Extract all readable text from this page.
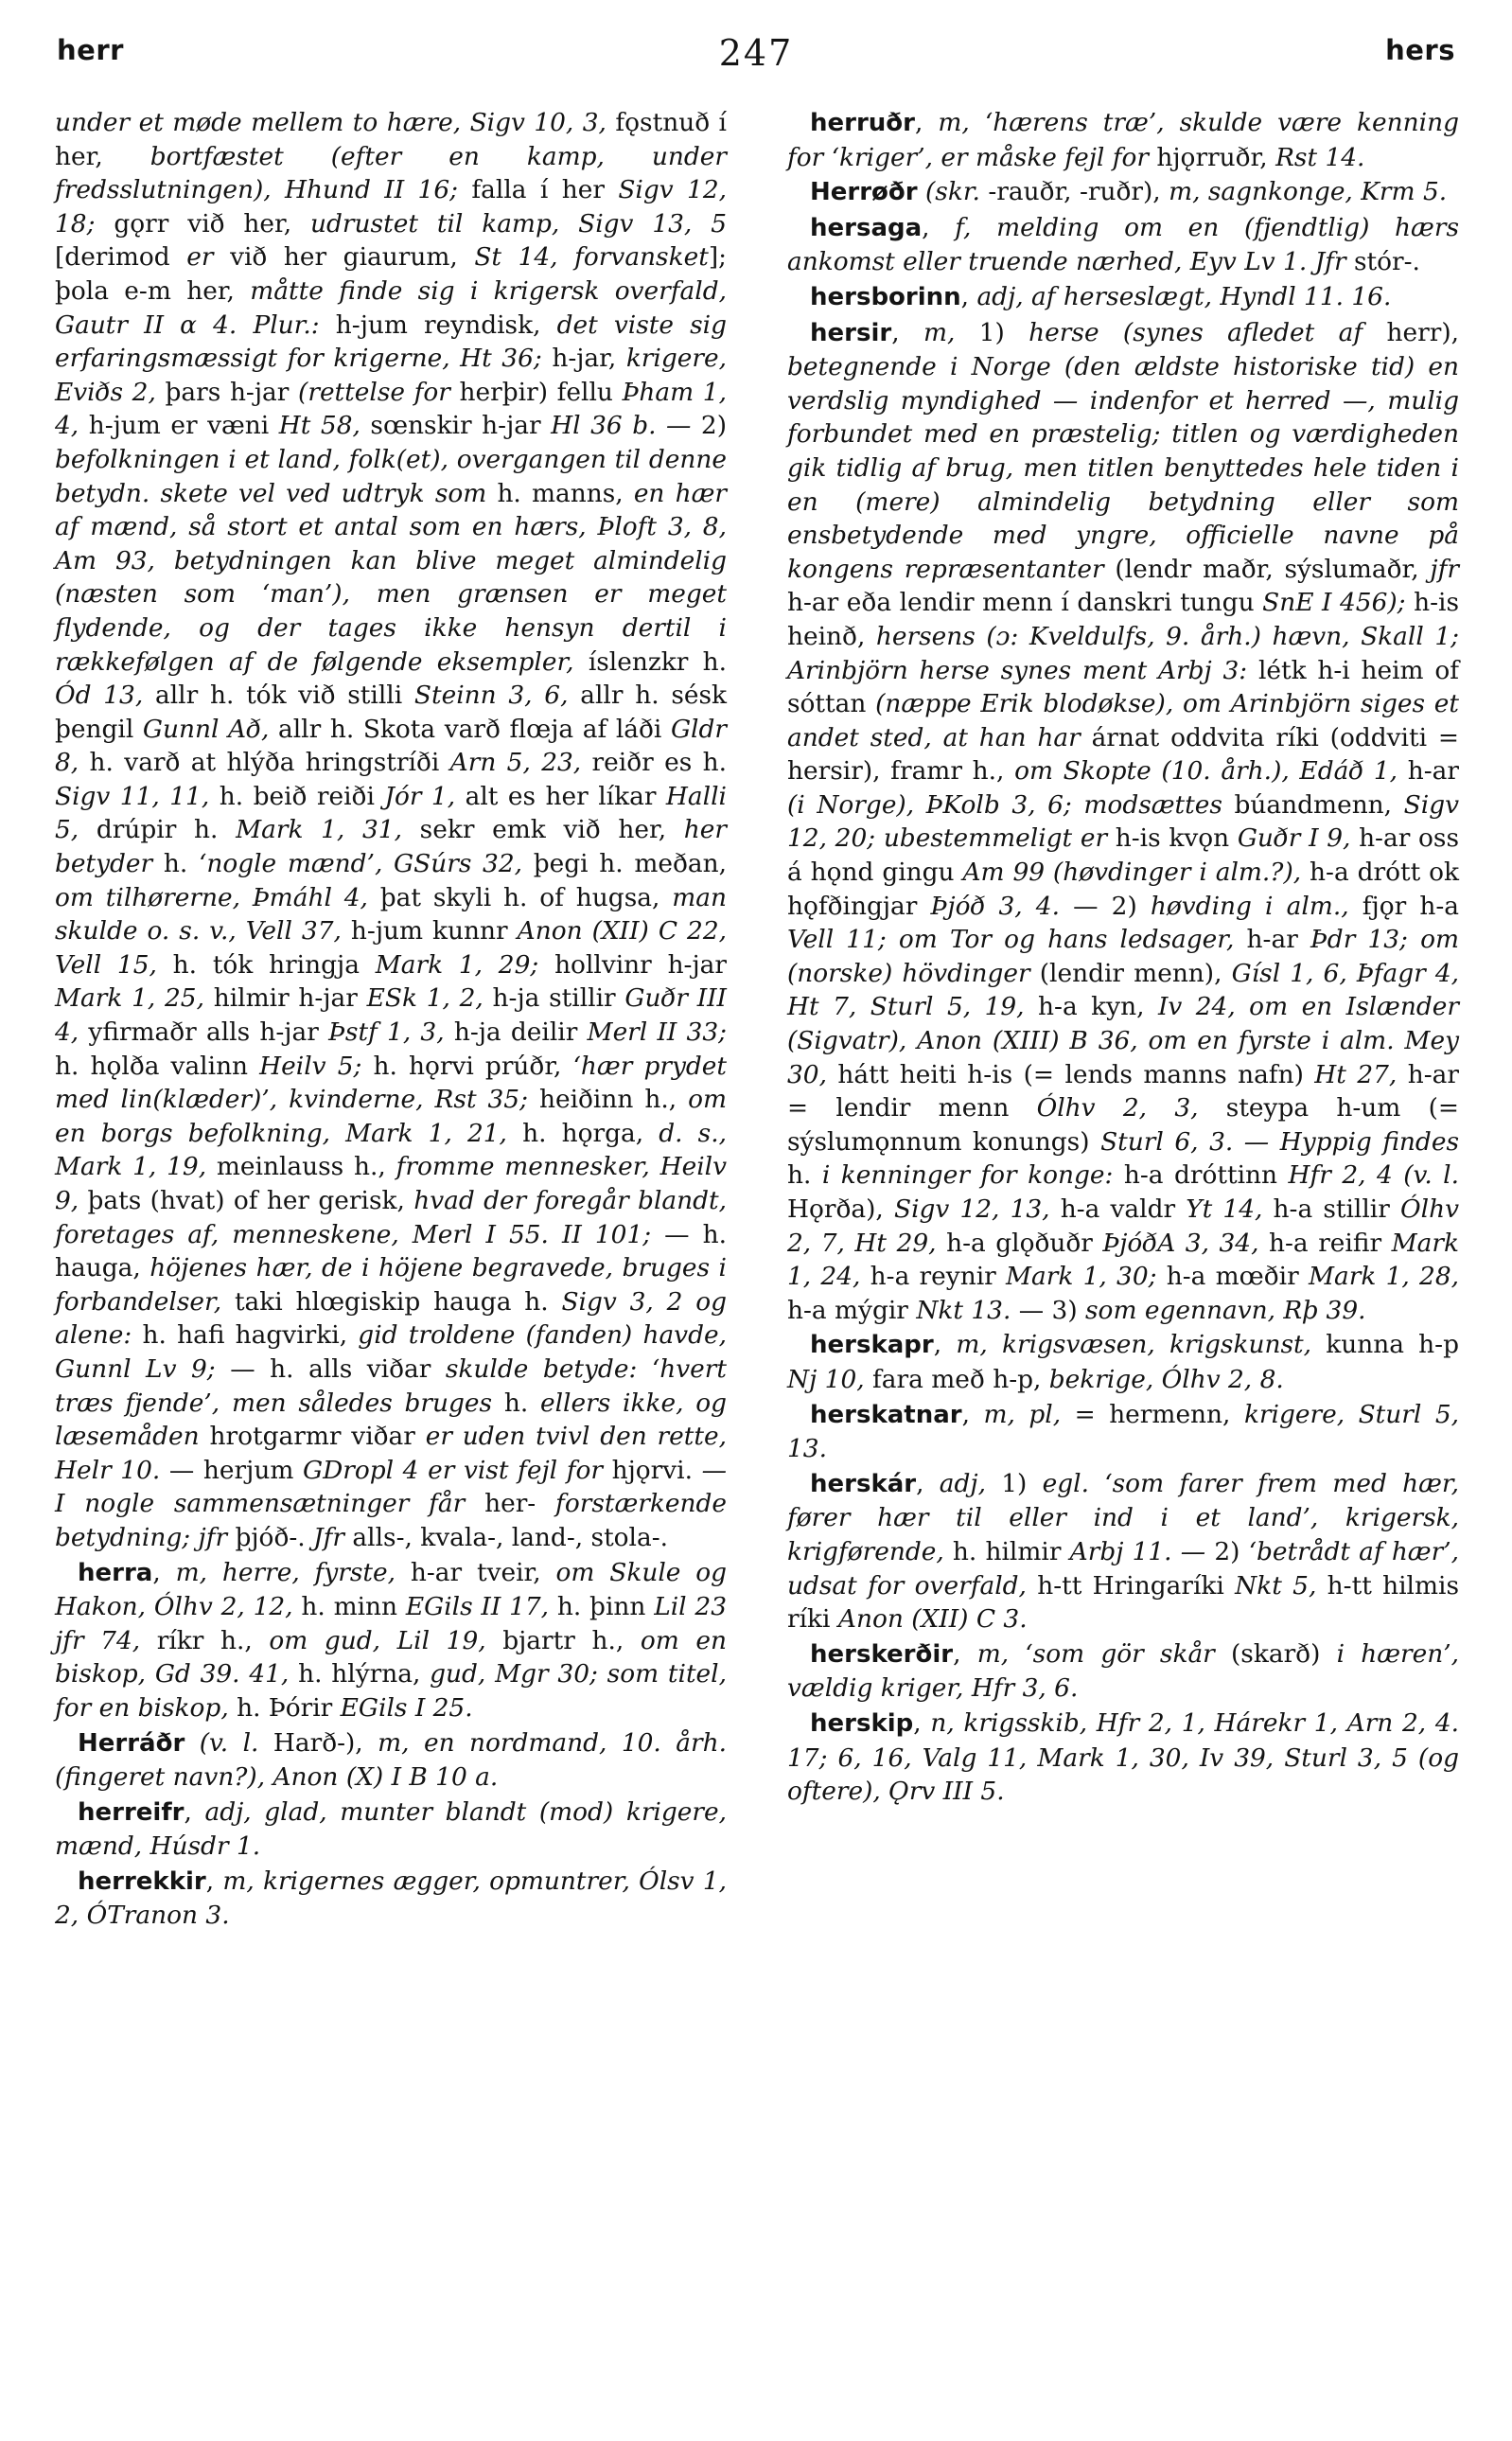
herr	247	hers

under et møde mellem to hære, Sigv 10, 3, fǫstnuð í her, bortfæstet (efter en kamp, under fredsslutningen), Hhund II 16; falla í her Sigv 12, 18; gǫrr við her, udrustet til kamp, Sigv 13, 5 [derimod er við her giaurum, St 14, forvansket]; þola e-m her, måtte finde sig i krigersk overfald, Gautr II α 4. Plur.: h-jum reyndisk, det viste sig erfaringsmæssigt for krigerne, Ht 36; h-jar, krigere, Eviðs 2, þars h-jar (rettelse for herþir) fellu Þham 1, 4, h-jum er væni Ht 58, sœnskir h-jar Hl 36 b. — 2) befolkningen i et land, folk(et), overgangen til denne betydn. skete vel ved udtryk som h. manns, en hær af mænd, så stort et antal som en hærs, Þloft 3, 8, Am 93, betydningen kan blive meget almindelig (næsten som ‘man’), men grænsen er meget flydende, og der tages ikke hensyn dertil i rækkefølgen af de følgende eksempler, íslenzkr h. Ód 13, allr h. tók við stilli Steinn 3, 6, allr h. sésk þengil Gunnl Að, allr h. Skota varð flœja af láði Gldr 8, h. varð at hlýða hringstríði Arn 5, 23, reiðr es h. Sigv 11, 11, h. beið reiði Jór 1, alt es her líkar Halli 5, drúpir h. Mark 1, 31, sekr emk við her, her betyder h. ‘nogle mænd’, GSúrs 32, þegi h. meðan, om tilhørerne, Þmáhl 4, þat skyli h. of hugsa, man skulde o. s. v., Vell 37, h-jum kunnr Anon (XII) C 22, Vell 15, h. tók hringja Mark 1, 29; hollvinr h-jar Mark 1, 25, hilmir h-jar ESk 1, 2, h-ja stillir Guðr III 4, yfirmaðr alls h-jar Þstf 1, 3, h-ja deilir Merl II 33; h. hǫlða valinn Heilv 5; h. hǫrvi prúðr, ‘hær prydet med lin(klæder)’, kvinderne, Rst 35; heiðinn h., om en borgs befolkning, Mark 1, 21, h. hǫrga, d. s., Mark 1, 19, meinlauss h., fromme mennesker, Heilv 9, þats (hvat) of her gerisk, hvad der foregår blandt, foretages af, menneskene, Merl I 55. II 101; — h. hauga, höjenes hær, de i höjene begravede, bruges i forbandelser, taki hlœgiskip hauga h. Sigv 3, 2 og alene: h. hafi hagvirki, gid troldene (fanden) havde, Gunnl Lv 9; — h. alls viðar skulde betyde: ‘hvert træs fjende’, men således bruges h. ellers ikke, og læsemåden hrotgarmr viðar er uden tvivl den rette, Helr 10. — herjum GDropl 4 er vist fejl for hjǫrvi. — I nogle sammensætninger får her- forstærkende betydning; jfr þjóð-. Jfr alls-, kvala-, land-, stola-.

herra, m, herre, fyrste, h-ar tveir, om Skule og Hakon, Ólhv 2, 12, h. minn EGils II 17, h. þinn Lil 23 jfr 74, ríkr h., om gud, Lil 19, bjartr h., om en biskop, Gd 39. 41, h. hlýrna, gud, Mgr 30; som titel, for en biskop, h. Þórir EGils I 25.

Herráðr (v. l. Harð-), m, en nordmand, 10. årh. (fingeret navn?), Anon (X) I B 10 a.

herreifr, adj, glad, munter blandt (mod) krigere, mænd, Húsdr 1.

herrekkir, m, krigernes ægger, opmuntrer, Ólsv 1, 2, ÓTranon 3.

herruðr, m, ‘hærens træ’, skulde være kenning for ‘kriger’, er måske fejl for hjǫrruðr, Rst 14.

Herrøðr (skr. -rauðr, -ruðr), m, sagnkonge, Krm 5.

hersaga, f, melding om en (fjendtlig) hærs ankomst eller truende nærhed, Eyv Lv 1. Jfr stór-.

hersborinn, adj, af herseslægt, Hyndl 11. 16.

hersir, m, 1) herse (synes afledet af herr), betegnende i Norge (den ældste historiske tid) en verdslig myndighed — indenfor et herred —, mulig forbundet med en præstelig; titlen og værdigheden gik tidlig af brug, men titlen benyttedes hele tiden i en (mere) almindelig betydning eller som ensbetydende med yngre, officielle navne på kongens repræsentanter (lendr maðr, sýslumaðr, jfr h-ar eða lendir menn í danskri tungu SnE I 456); h-is heinð, hersens (ɔ: Kveldulfs, 9. årh.) hævn, Skall 1; Arinbjörn herse synes ment Arbj 3: létk h-i heim of sóttan (næppe Erik blodøkse), om Arinbjörn siges et andet sted, at han har árnat oddvita ríki (oddviti = hersir), framr h., om Skopte (10. årh.), Edáð 1, h-ar (i Norge), ÞKolb 3, 6; modsættes búandmenn, Sigv 12, 20; ubestemmeligt er h-is kvǫn Guðr I 9, h-ar oss á hǫnd gingu Am 99 (høvdinger i alm.?), h-a drótt ok hǫfðingjar Þjóð 3, 4. — 2) høvding i alm., fjǫr h-a Vell 11; om Tor og hans ledsager, h-ar Þdr 13; om (norske) hövdinger (lendir menn), Gísl 1, 6, Þfagr 4, Ht 7, Sturl 5, 19, h-a kyn, Iv 24, om en Islænder (Sigvatr), Anon (XIII) B 36, om en fyrste i alm. Mey 30, hátt heiti h-is (= lends manns nafn) Ht 27, h-ar = lendir menn Ólhv 2, 3, steypa h-um (= sýslumǫnnum konungs) Sturl 6, 3. — Hyppig findes h. i kenninger for konge: h-a dróttinn Hfr 2, 4 (v. l. Hǫrða), Sigv 12, 13, h-a valdr Yt 14, h-a stillir Ólhv 2, 7, Ht 29, h-a glǫðuðr ÞjóðA 3, 34, h-a reifir Mark 1, 24, h-a reynir Mark 1, 30; h-a mœðir Mark 1, 28, h-a mýgir Nkt 13. — 3) som egennavn, Rþ 39.

herskapr, m, krigsvæsen, krigskunst, kunna h-p Nj 10, fara með h-p, bekrige, Ólhv 2, 8.

herskatnar, m, pl, = hermenn, krigere, Sturl 5, 13.

herskár, adj, 1) egl. ‘som farer frem med hær, fører hær til eller ind i et land’, krigersk, krigførende, h. hilmir Arbj 11. — 2) ‘betrådt af hær’, udsat for overfald, h-tt Hringaríki Nkt 5, h-tt hilmis ríki Anon (XII) C 3.

herskerðir, m, ‘som gör skår (skarð) i hæren’, vældig kriger, Hfr 3, 6.

herskip, n, krigsskib, Hfr 2, 1, Hárekr 1, Arn 2, 4. 17; 6, 16, Valg 11, Mark 1, 30, Iv 39, Sturl 3, 5 (og oftere), Ǫrv III 5.
